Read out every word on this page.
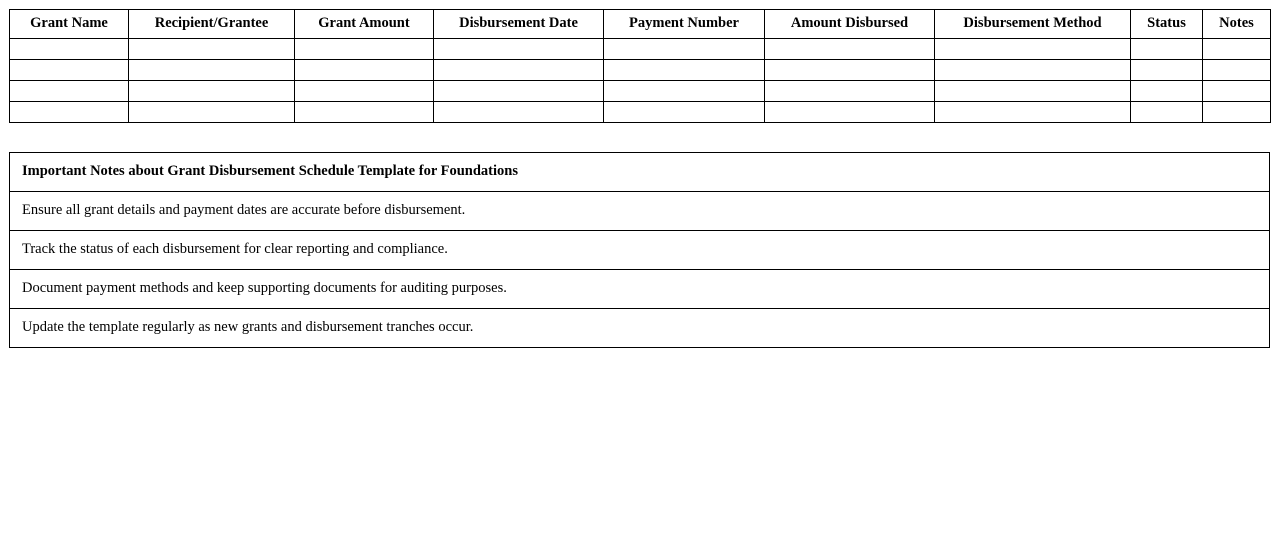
Grant Name	Recipient/Grantee	Grant Amount	Disbursement Date	Payment Number	Amount Disbursed	Disbursement Method	Status	Notes

Important Notes about Grant Disbursement Schedule Template for Foundations
Ensure all grant details and payment dates are accurate before disbursement.
Track the status of each disbursement for clear reporting and compliance.
Document payment methods and keep supporting documents for auditing purposes.
Update the template regularly as new grants and disbursement tranches occur.
